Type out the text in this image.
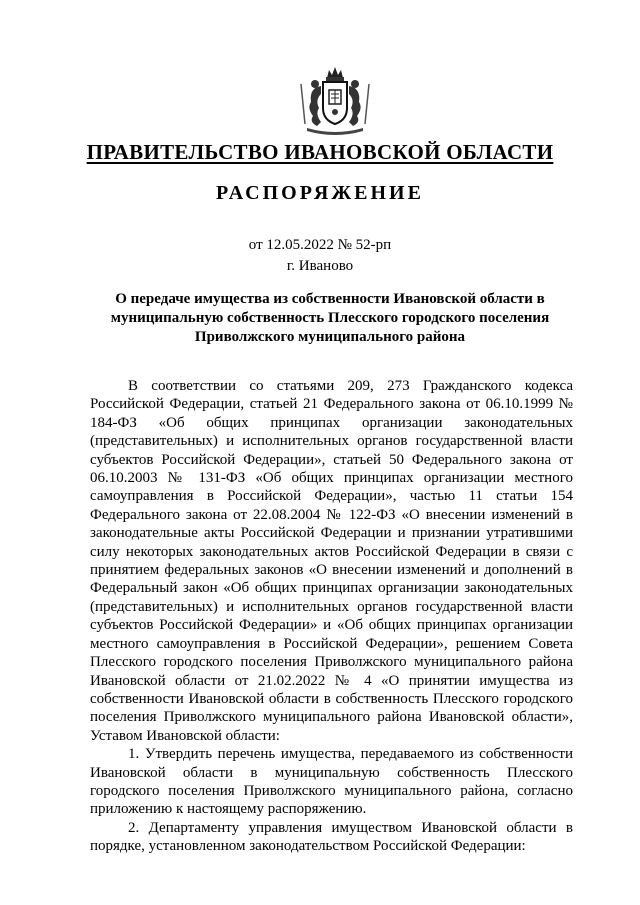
ПРАВИТЕЛЬСТВО ИВАНОВСКОЙ ОБЛАСТИ
РАСПОРЯЖЕНИЕ
от 12.05.2022 № 52-рп
г. Иваново
О передаче имущества из собственности Ивановской области в муниципальную собственность Плесского городского поселения Приволжского муниципального района

В соответствии со статьями 209, 273 Гражданского кодекса Российской Федерации, статьей 21 Федерального закона от 06.10.1999 № 184-ФЗ «Об общих принципах организации законодательных (представительных) и исполнительных органов государственной власти субъектов Российской Федерации», статьей 50 Федерального закона от 06.10.2003 № 131-ФЗ «Об общих принципах организации местного самоуправления в Российской Федерации», частью 11 статьи 154 Федерального закона от 22.08.2004 № 122-ФЗ «О внесении изменений в законодательные акты Российской Федерации и признании утратившими силу некоторых законодательных актов Российской Федерации в связи с принятием федеральных законов «О внесении изменений и дополнений в Федеральный закон «Об общих принципах организации законодательных (представительных) и исполнительных органов государственной власти субъектов Российской Федерации» и «Об общих принципах организации местного самоуправления в Российской Федерации», решением Совета Плесского городского поселения Приволжского муниципального района Ивановской области от 21.02.2022 № 4 «О принятии имущества из собственности Ивановской области в собственность Плесского городского поселения Приволжского муниципального района Ивановской области», Уставом Ивановской области:

1. Утвердить перечень имущества, передаваемого из собственности Ивановской области в муниципальную собственность Плесского городского поселения Приволжского муниципального района, согласно приложению к настоящему распоряжению.

2. Департаменту управления имуществом Ивановской области в порядке, установленном законодательством Российской Федерации:
